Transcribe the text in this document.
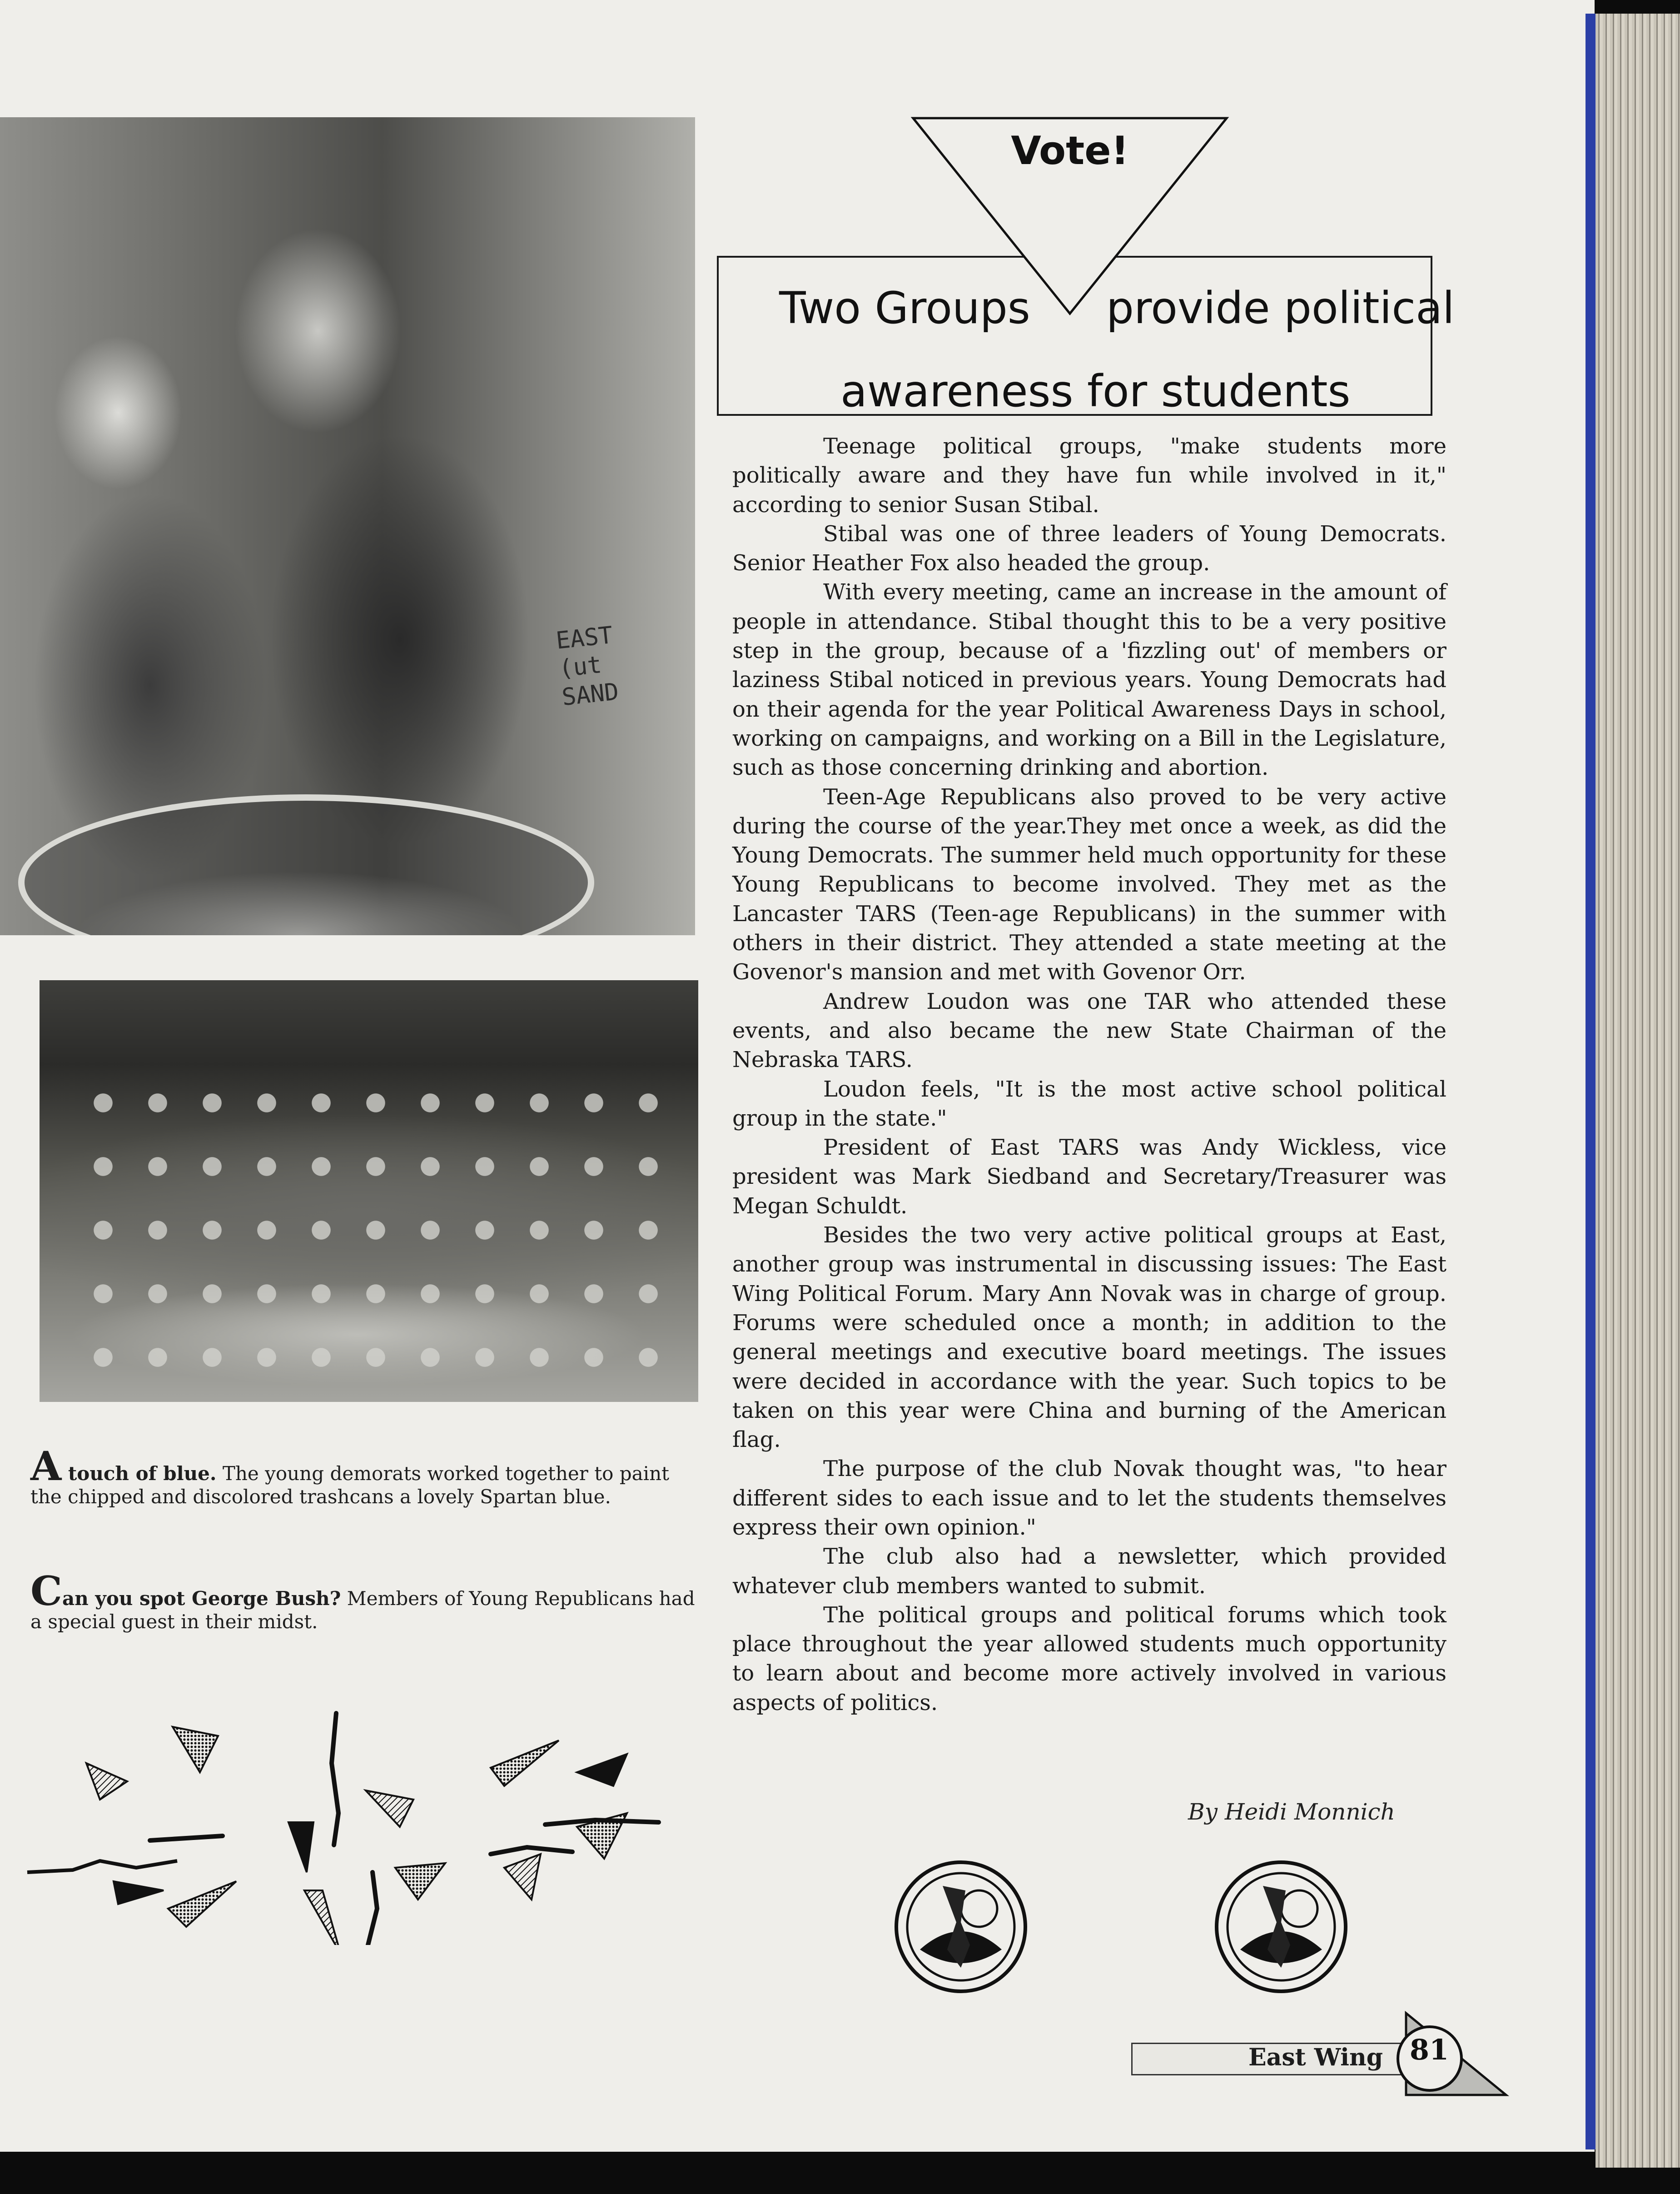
EAST
(ut
SAND

A touch of blue. The young demorats worked together to paint the chipped and discolored trashcans a lovely Spartan blue.

Can you spot George Bush? Members of Young Republicans had a special guest in their midst.

Vote!

Two Groups provide political

awareness for students

Teenage political groups, "make students more politically aware and they have fun while involved in it," according to senior Susan Stibal.

Stibal was one of three leaders of Young Democrats. Senior Heather Fox also headed the group.

With every meeting, came an increase in the amount of people in attendance. Stibal thought this to be a very positive step in the group, because of a 'fizzling out' of members or laziness Stibal noticed in previous years. Young Democrats had on their agenda for the year Political Awareness Days in school, working on campaigns, and working on a Bill in the Legislature, such as those concerning drinking and abortion.

Teen-Age Republicans also proved to be very active during the course of the year.They met once a week, as did the Young Democrats. The summer held much opportunity for these Young Republicans to become involved. They met as the Lancaster TARS (Teen-age Republicans) in the summer with others in their district. They attended a state meeting at the Govenor's mansion and met with Govenor Orr.

Andrew Loudon was one TAR who attended these events, and also became the new State Chairman of the Nebraska TARS.

Loudon feels, "It is the most active school political group in the state."

President of East TARS was Andy Wickless, vice president was Mark Siedband and Secretary/Treasurer was Megan Schuldt.

Besides the two very active political groups at East, another group was instrumental in discussing issues: The East Wing Political Forum. Mary Ann Novak was in charge of group. Forums were scheduled once a month; in addition to the general meetings and executive board meetings. The issues were decided in accordance with the year. Such topics to be taken on this year were China and burning of the American flag.

The purpose of the club Novak thought was, "to hear different sides to each issue and to let the students themselves express their own opinion."

The club also had a newsletter, which provided whatever club members wanted to submit.

The political groups and political forums which took place throughout the year allowed students much opportunity to learn about and become more actively involved in various aspects of politics.

By Heidi Monnich

East Wing 81
